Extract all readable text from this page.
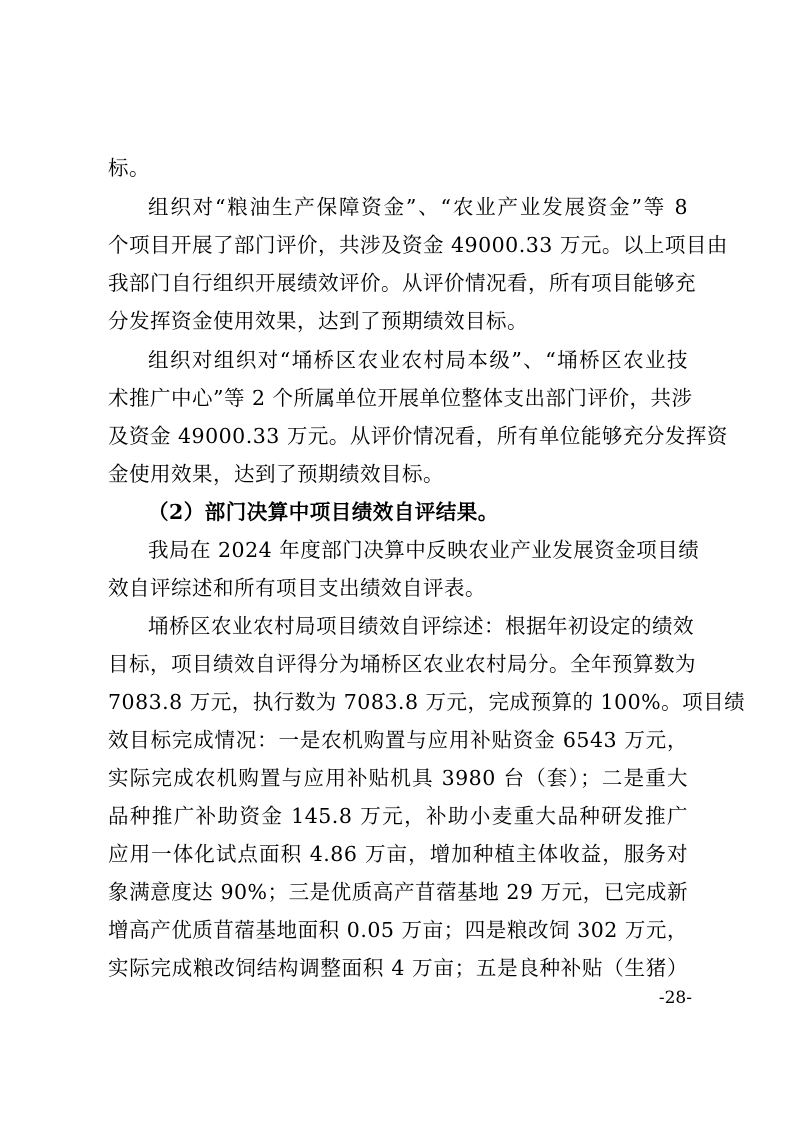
标。
组织对“粮油生产保障资金”、“农业产业发展资金”等 8
个项目开展了部门评价，共涉及资金 49000.33 万元。以上项目由
我部门自行组织开展绩效评价。从评价情况看，所有项目能够充
分发挥资金使用效果，达到了预期绩效目标。
组织对组织对“埇桥区农业农村局本级”、“埇桥区农业技
术推广中心”等 2 个所属单位开展单位整体支出部门评价，共涉
及资金 49000.33 万元。从评价情况看，所有单位能够充分发挥资
金使用效果，达到了预期绩效目标。
（2）部门决算中项目绩效自评结果。
我局在 2024 年度部门决算中反映农业产业发展资金项目绩
效自评综述和所有项目支出绩效自评表。
埇桥区农业农村局项目绩效自评综述：根据年初设定的绩效
目标，项目绩效自评得分为埇桥区农业农村局分。全年预算数为
7083.8 万元，执行数为 7083.8 万元，完成预算的 100%。项目绩
效目标完成情况：一是农机购置与应用补贴资金 6543 万元，
实际完成农机购置与应用补贴机具 3980 台（套）；二是重大
品种推广补助资金 145.8 万元，补助小麦重大品种研发推广
应用一体化试点面积 4.86 万亩，增加种植主体收益，服务对
象满意度达 90%；三是优质高产苜蓿基地 29 万元，已完成新
增高产优质苜蓿基地面积 0.05 万亩；四是粮改饲 302 万元，
实际完成粮改饲结构调整面积 4 万亩；五是良种补贴（生猪）
-28-
